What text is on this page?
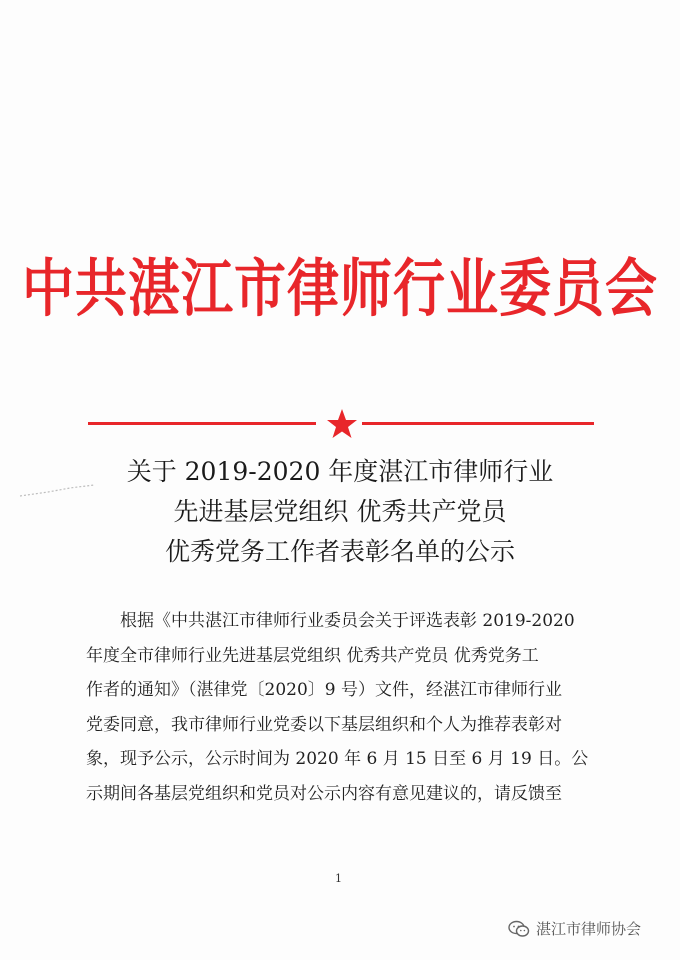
中共湛江市律师行业委员会
关于 2019-2020 年度湛江市律师行业
先进基层党组织 优秀共产党员
优秀党务工作者表彰名单的公示
　　根据《中共湛江市律师行业委员会关于评选表彰 2019-2020
年度全市律师行业先进基层党组织 优秀共产党员 优秀党务工
作者的通知》（湛律党〔2020〕9 号）文件，经湛江市律师行业
党委同意，我市律师行业党委以下基层组织和个人为推荐表彰对
象，现予公示，公示时间为 2020 年 6 月 15 日至 6 月 19 日。公
示期间各基层党组织和党员对公示内容有意见建议的，请反馈至
1
湛江市律师协会
